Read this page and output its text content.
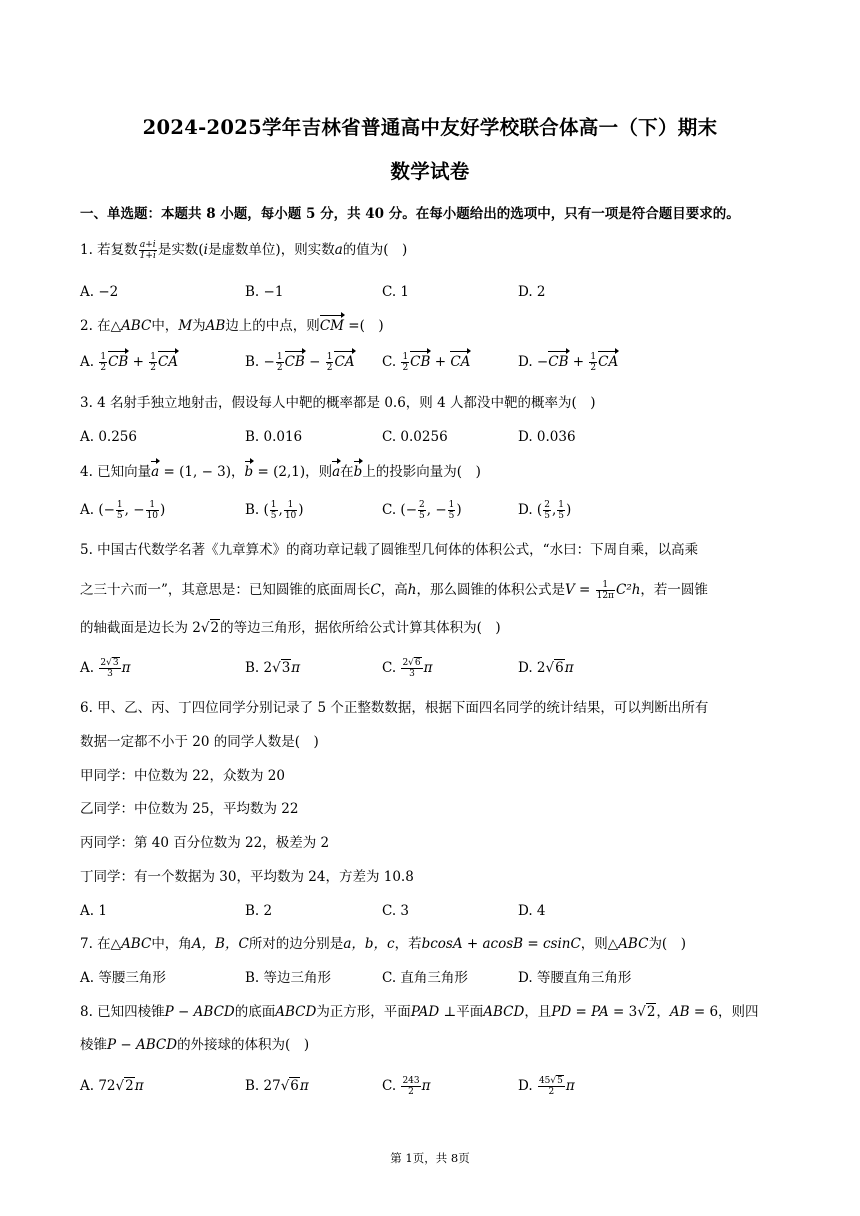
2024-2025学年吉林省普通高中友好学校联合体高一（下）期末
数学试卷
一、单选题：本题共 8 小题，每小题 5 分，共 40 分。在每小题给出的选项中，只有一项是符合题目要求的。
1. 若复数 $\frac{a+i}{1+i}$ 是实数(i是虚数单位)，则实数a的值为(　)
A. −2	B. −1	C. 1	D. 2
2. 在△ABC中，M为AB边上的中点，则CM =(　)
A. $\frac{1}{2}$ CB + $\frac{1}{2}$ CA	B. − $\frac{1}{2}$ CB − $\frac{1}{2}$ CA C. $\frac{1}{2}$ CB + CA	D. $-CB + \frac{1}{2}$ CA
3. 4 名射手独立地射击，假设每人中靶的概率都是 0.6，则 4 人都没中靶的概率为(　)
A. 0.256	B. 0.016	C. 0.0256	D. 0.036
4. 已知向量a = (1, − 3)，b = (2,1)，则a在b上的投影向量为(　)
A. (− $\frac{1}{5}$ , − $\frac{1}{10}$ )	B. ( $\frac{1}{5}$ , $\frac{1}{10}$ )	C. (− $\frac{2}{5}$ , − $\frac{1}{5}$ )	D. ( $\frac{2}{5}$ , $\frac{1}{5}$ )
5. 中国古代数学名著《九章算术》的商功章记载了圆锥型几何体的体积公式，“水曰：下周自乘，以高乘
之三十六而一”，其意思是：已知圆锥的底面周长C，高h，那么圆锥的体积公式是$V = \frac{1}{12\pi} C^2h$，若一圆锥
的轴截面是边长为 2√2的等边三角形，据依所给公式计算其体积为(　)
A. $\frac{2√3}{3}$ π	B. 2√3π	C. $\frac{2√6}{3}$ π	D. 2√6π
6. 甲、乙、丙、丁四位同学分别记录了 5 个正整数数据，根据下面四名同学的统计结果，可以判断出所有
数据一定都不小于 20 的同学人数是(　)
甲同学：中位数为 22，众数为 20
乙同学：中位数为 25，平均数为 22
丙同学：第 40 百分位数为 22，极差为 2
丁同学：有一个数据为 30，平均数为 24，方差为 10.8
A. 1	B. 2	C. 3	D. 4
7. 在△ABC中，角A，B，C所对的边分别是a，b，c，若bcosA + acosB = csinC，则△ABC为(　)
A. 等腰三角形	B. 等边三角形	C. 直角三角形	D. 等腰直角三角形
8. 已知四棱锥P − ABCD的底面ABCD为正方形，平面PAD ⊥平面ABCD，且PD = PA = 3√2，AB = 6，则四
棱锥P − ABCD的外接球的体积为(　)
A. 72√2π	B. 27√6π	C. $\frac{243}{2}$ π	D. $\frac{45√5}{2}$ π
第 1页，共 8页
